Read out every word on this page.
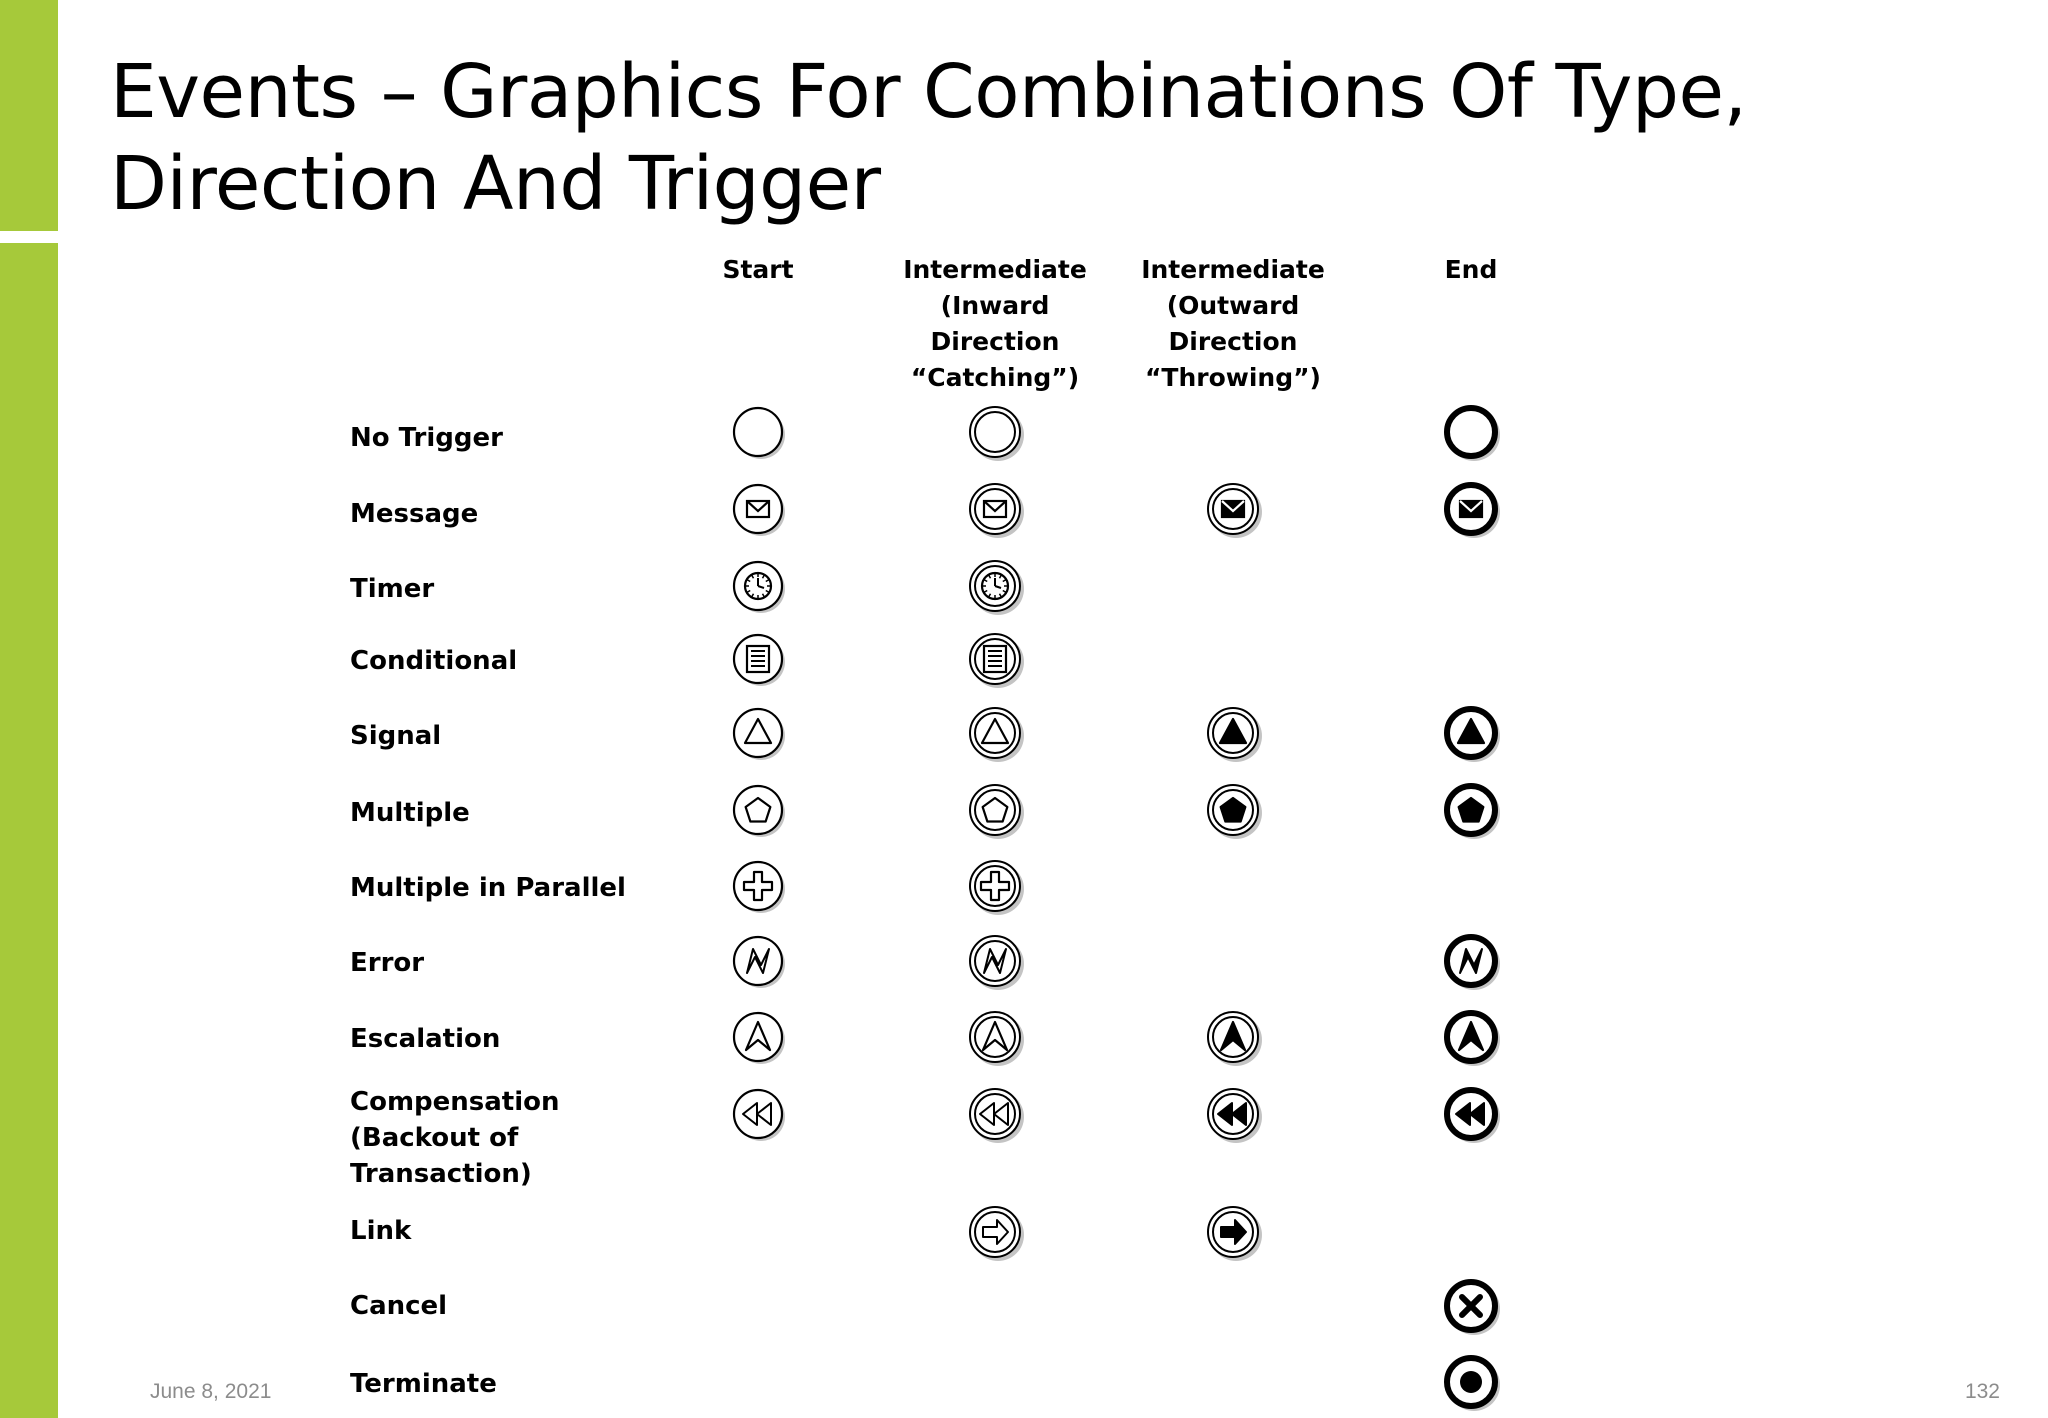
Events – Graphics For Combinations Of Type,
Direction And Trigger
Start	Intermediate
(Inward Direction
“Catching”)
Intermediate
(Outward
Direction
“Throwing”)
End
No Trigger
Message
Timer
Conditional
Signal
Multiple
Multiple in Parallel
Error
Escalation
Compensation
(Backout of
Transaction)
Link
Cancel
Terminate
June 8, 2021	132
